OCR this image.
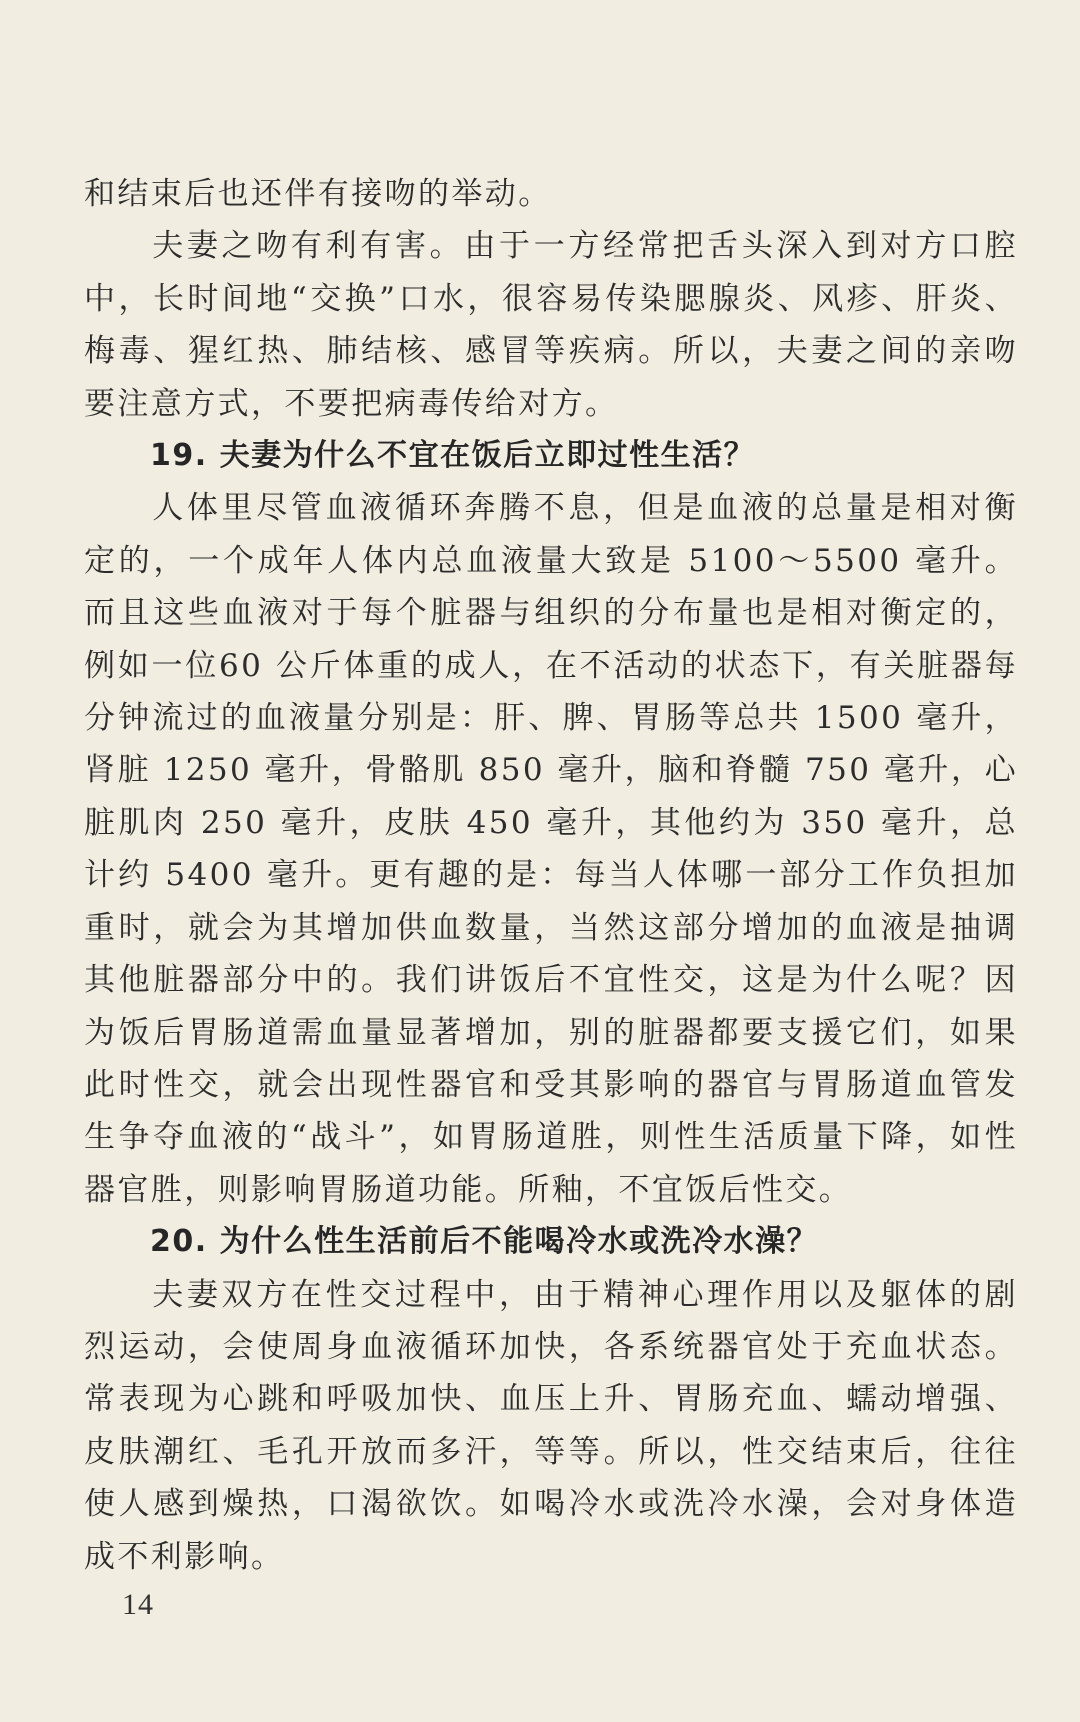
和结束后也还伴有接吻的举动。

夫妻之吻有利有害。由于一方经常把舌头深入到对方口腔中，长时间地“交换”口水，很容易传染腮腺炎、风疹、肝炎、梅毒、猩红热、肺结核、感冒等疾病。所以，夫妻之间的亲吻要注意方式，不要把病毒传给对方。

19. 夫妻为什么不宜在饭后立即过性生活？

人体里尽管血液循环奔腾不息，但是血液的总量是相对衡定的，一个成年人体内总血液量大致是 5100～5500 毫升。而且这些血液对于每个脏器与组织的分布量也是相对衡定的，例如一位60 公斤体重的成人，在不活动的状态下，有关脏器每分钟流过的血液量分别是：肝、脾、胃肠等总共 1500 毫升，肾脏 1250 毫升，骨骼肌 850 毫升，脑和脊髓 750 毫升，心脏肌肉 250 毫升，皮肤 450 毫升，其他约为 350 毫升，总计约 5400 毫升。更有趣的是：每当人体哪一部分工作负担加重时，就会为其增加供血数量，当然这部分增加的血液是抽调其他脏器部分中的。我们讲饭后不宜性交，这是为什么呢？因为饭后胃肠道需血量显著增加，别的脏器都要支援它们，如果此时性交，就会出现性器官和受其影响的器官与胃肠道血管发生争夺血液的“战斗”，如胃肠道胜，则性生活质量下降，如性器官胜，则影响胃肠道功能。所釉，不宜饭后性交。

20. 为什么性生活前后不能喝冷水或洗冷水澡？

夫妻双方在性交过程中，由于精神心理作用以及躯体的剧烈运动，会使周身血液循环加快，各系统器官处于充血状态。常表现为心跳和呼吸加快、血压上升、胃肠充血、蠕动增强、皮肤潮红、毛孔开放而多汗，等等。所以，性交结束后，往往使人感到燥热，口渴欲饮。如喝冷水或洗冷水澡，会对身体造成不利影响。

14
